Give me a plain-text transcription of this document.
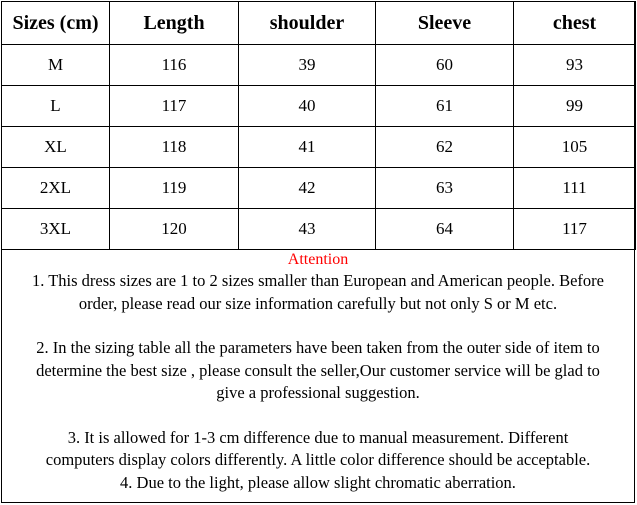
Sizes (cm)	Length	shoulder	Sleeve	chest
M	116	39	60	93
L	117	40	61	99
XL	118	41	62	105
2XL	119	42	63	111
3XL	120	43	64	117
Attention

1. This dress sizes are 1 to 2 sizes smaller than European and American people. Before

order, please read our size information carefully but not only S or M etc.

2. In the sizing table all the parameters have been taken from the outer side of item to

determine the best size , please consult the seller,Our customer service will be glad to

give a professional suggestion.

3. It is allowed for 1-3 cm difference due to manual measurement. Different

computers display colors differently. A little color difference should be acceptable.

4. Due to the light, please allow slight chromatic aberration.
